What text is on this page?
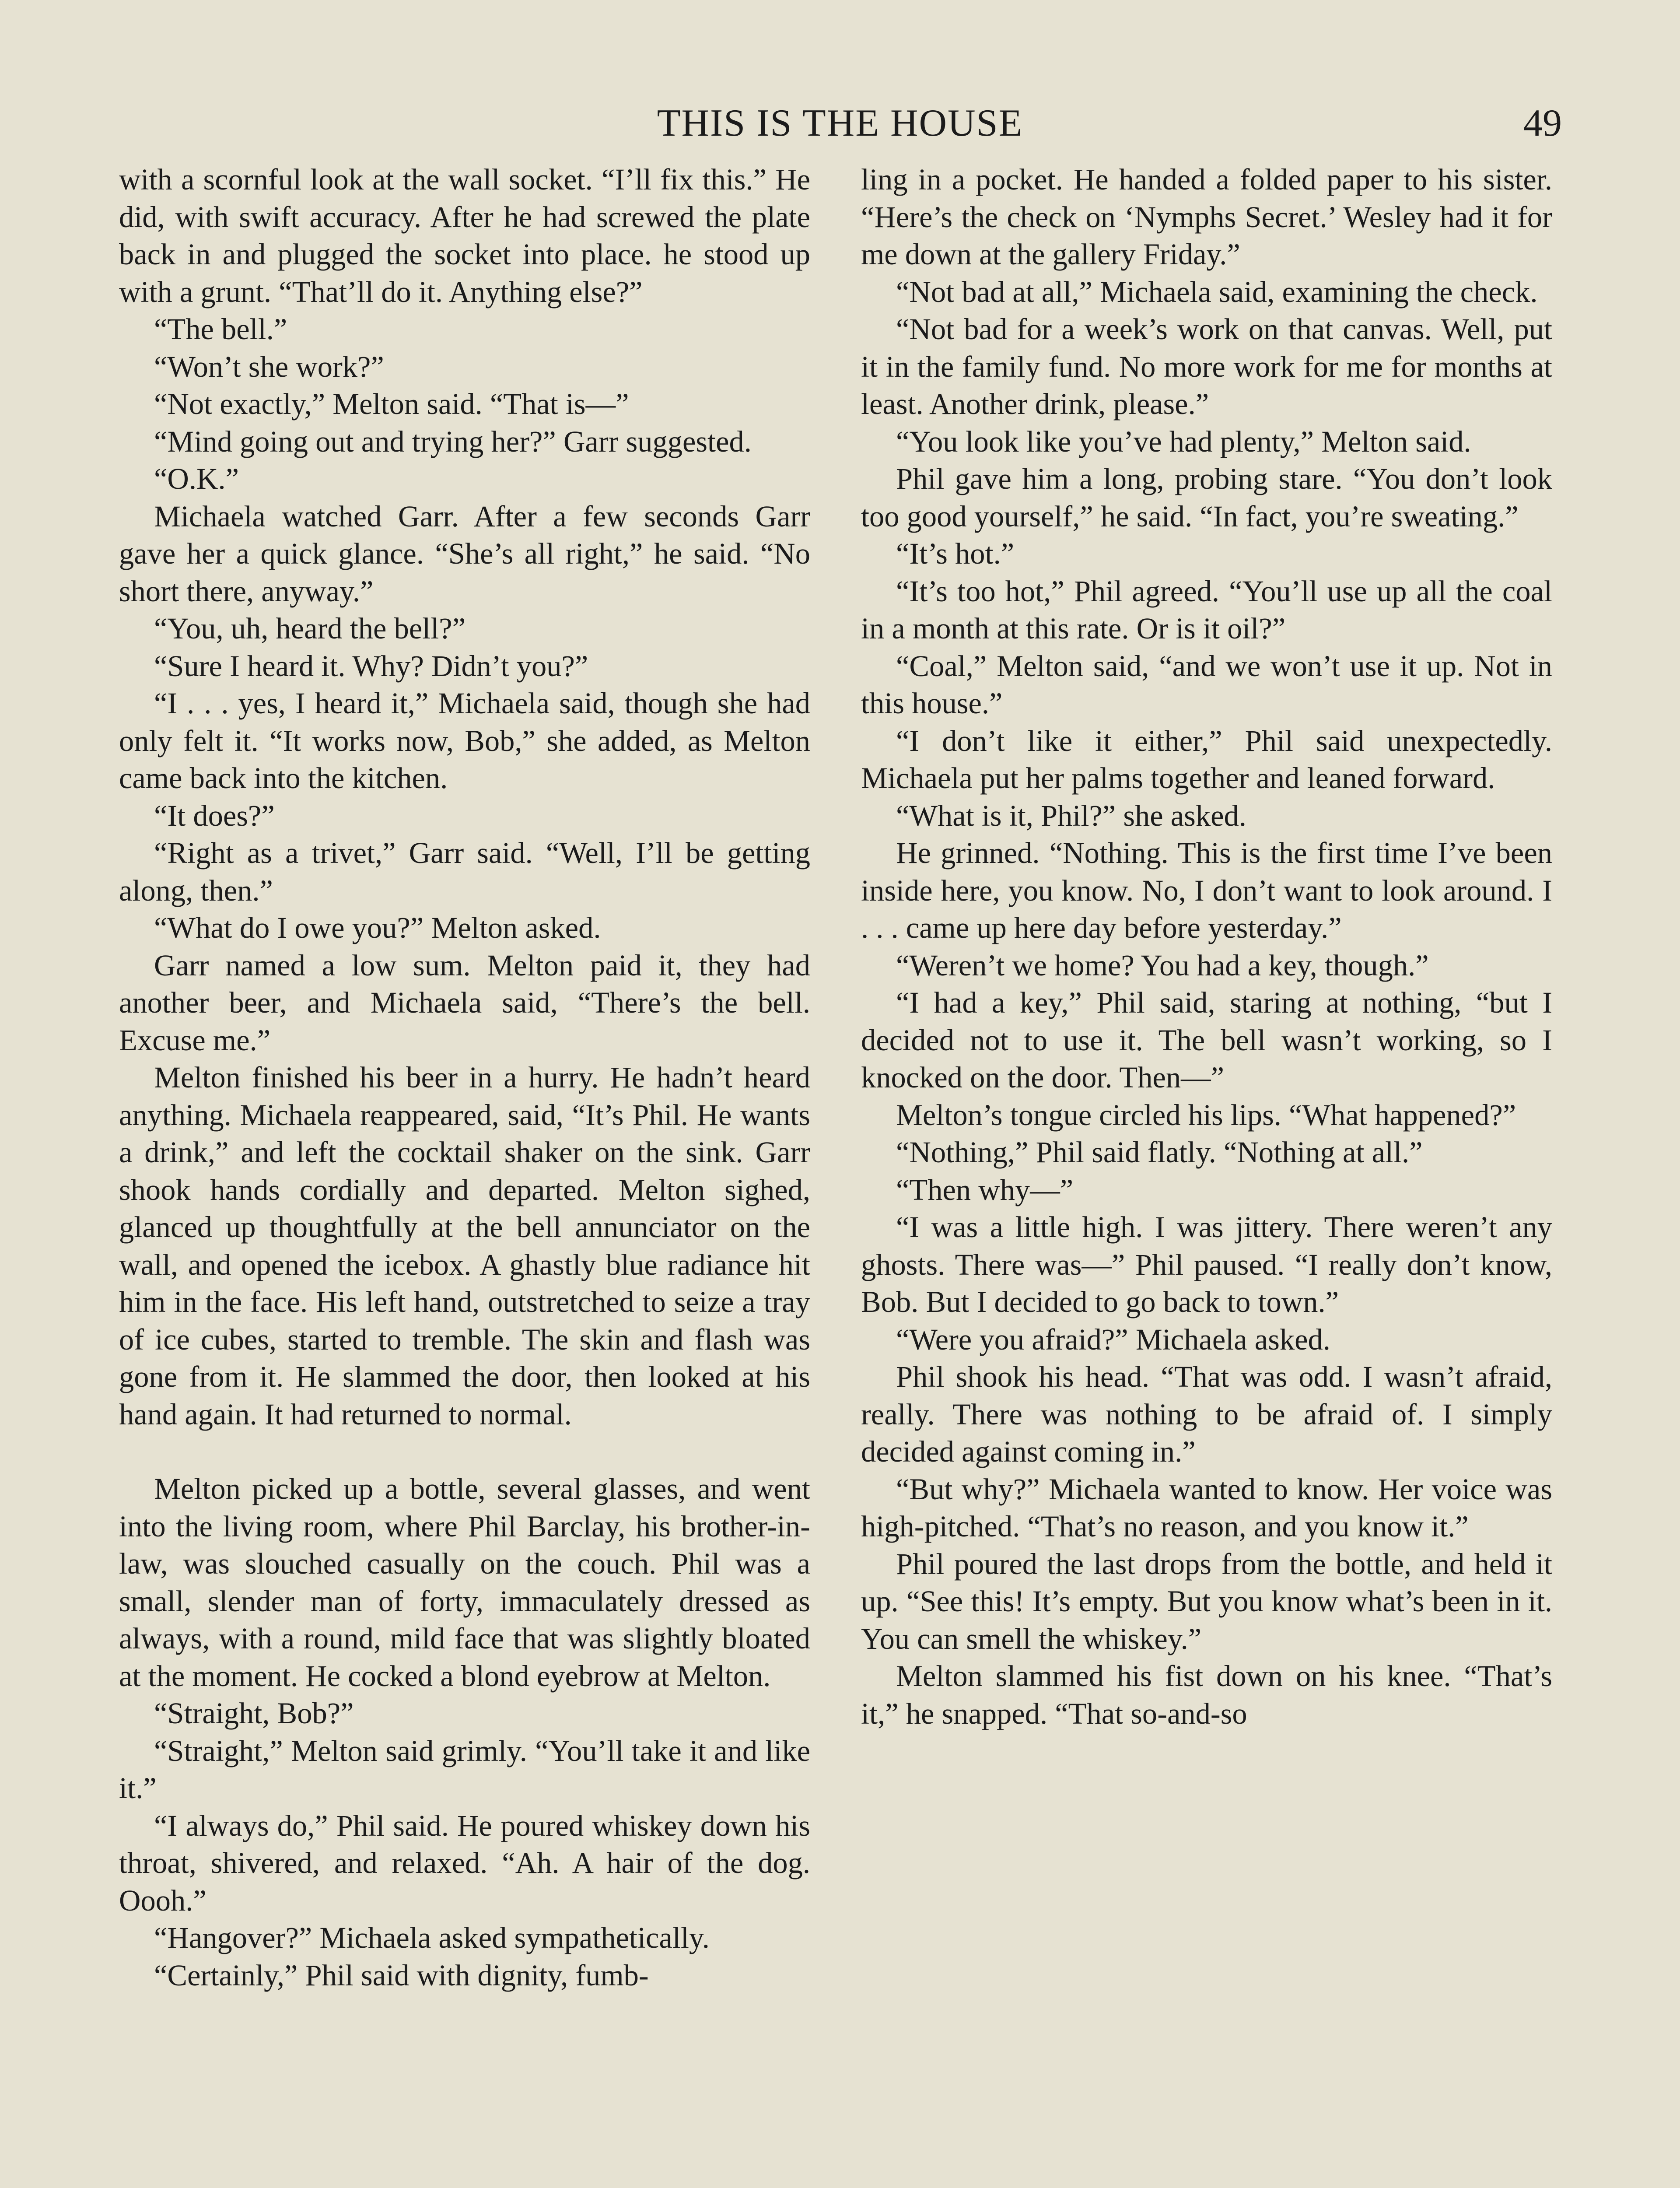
THIS IS THE HOUSE	49

with a scornful look at the wall socket. “I’ll fix this.” He did, with swift accuracy. After he had screwed the plate back in and plugged the socket into place. he stood up with a grunt. “That’ll do it. Anything else?”

“The bell.”

“Won’t she work?”

“Not exactly,” Melton said. “That is—”

“Mind going out and trying her?” Garr suggested.

“O.K.”

Michaela watched Garr. After a few seconds Garr gave her a quick glance. “She’s all right,” he said. “No short there, anyway.”

“You, uh, heard the bell?”

“Sure I heard it. Why? Didn’t you?”

“I . . . yes, I heard it,” Michaela said, though she had only felt it. “It works now, Bob,” she added, as Melton came back into the kitchen.

“It does?”

“Right as a trivet,” Garr said. “Well, I’ll be getting along, then.”

“What do I owe you?” Melton asked.

Garr named a low sum. Melton paid it, they had another beer, and Michaela said, “There’s the bell. Excuse me.”

Melton finished his beer in a hurry. He hadn’t heard anything. Michaela reappeared, said, “It’s Phil. He wants a drink,” and left the cocktail shaker on the sink. Garr shook hands cordially and departed. Melton sighed, glanced up thoughtfully at the bell annunciator on the wall, and opened the icebox. A ghastly blue radiance hit him in the face. His left hand, outstretched to seize a tray of ice cubes, started to tremble. The skin and flash was gone from it. He slammed the door, then looked at his hand again. It had returned to normal.

Melton picked up a bottle, several glasses, and went into the living room, where Phil Barclay, his brother-in-law, was slouched casually on the couch. Phil was a small, slender man of forty, immaculately dressed as always, with a round, mild face that was slightly bloated at the moment. He cocked a blond eyebrow at Melton.

“Straight, Bob?”

“Straight,” Melton said grimly. “You’ll take it and like it.”

“I always do,” Phil said. He poured whiskey down his throat, shivered, and relaxed. “Ah. A hair of the dog. Oooh.”

“Hangover?” Michaela asked sympathetically.

“Certainly,” Phil said with dignity, fumb-

ling in a pocket. He handed a folded paper to his sister. “Here’s the check on ‘Nymphs Secret.’ Wesley had it for me down at the gallery Friday.”

“Not bad at all,” Michaela said, examining the check.

“Not bad for a week’s work on that canvas. Well, put it in the family fund. No more work for me for months at least. Another drink, please.”

“You look like you’ve had plenty,” Melton said.

Phil gave him a long, probing stare. “You don’t look too good yourself,” he said. “In fact, you’re sweating.”

“It’s hot.”

“It’s too hot,” Phil agreed. “You’ll use up all the coal in a month at this rate. Or is it oil?”

“Coal,” Melton said, “and we won’t use it up. Not in this house.”

“I don’t like it either,” Phil said unexpectedly. Michaela put her palms together and leaned forward.

“What is it, Phil?” she asked.

He grinned. “Nothing. This is the first time I’ve been inside here, you know. No, I don’t want to look around. I . . . came up here day before yesterday.”

“Weren’t we home? You had a key, though.”

“I had a key,” Phil said, staring at nothing, “but I decided not to use it. The bell wasn’t working, so I knocked on the door. Then—”

Melton’s tongue circled his lips. “What happened?”

“Nothing,” Phil said flatly. “Nothing at all.”

“Then why—”

“I was a little high. I was jittery. There weren’t any ghosts. There was—” Phil paused. “I really don’t know, Bob. But I decided to go back to town.”

“Were you afraid?” Michaela asked.

Phil shook his head. “That was odd. I wasn’t afraid, really. There was nothing to be afraid of. I simply decided against coming in.”

“But why?” Michaela wanted to know. Her voice was high-pitched. “That’s no reason, and you know it.”

Phil poured the last drops from the bottle, and held it up. “See this! It’s empty. But you know what’s been in it. You can smell the whiskey.”

Melton slammed his fist down on his knee. “That’s it,” he snapped. “That so-and-so
